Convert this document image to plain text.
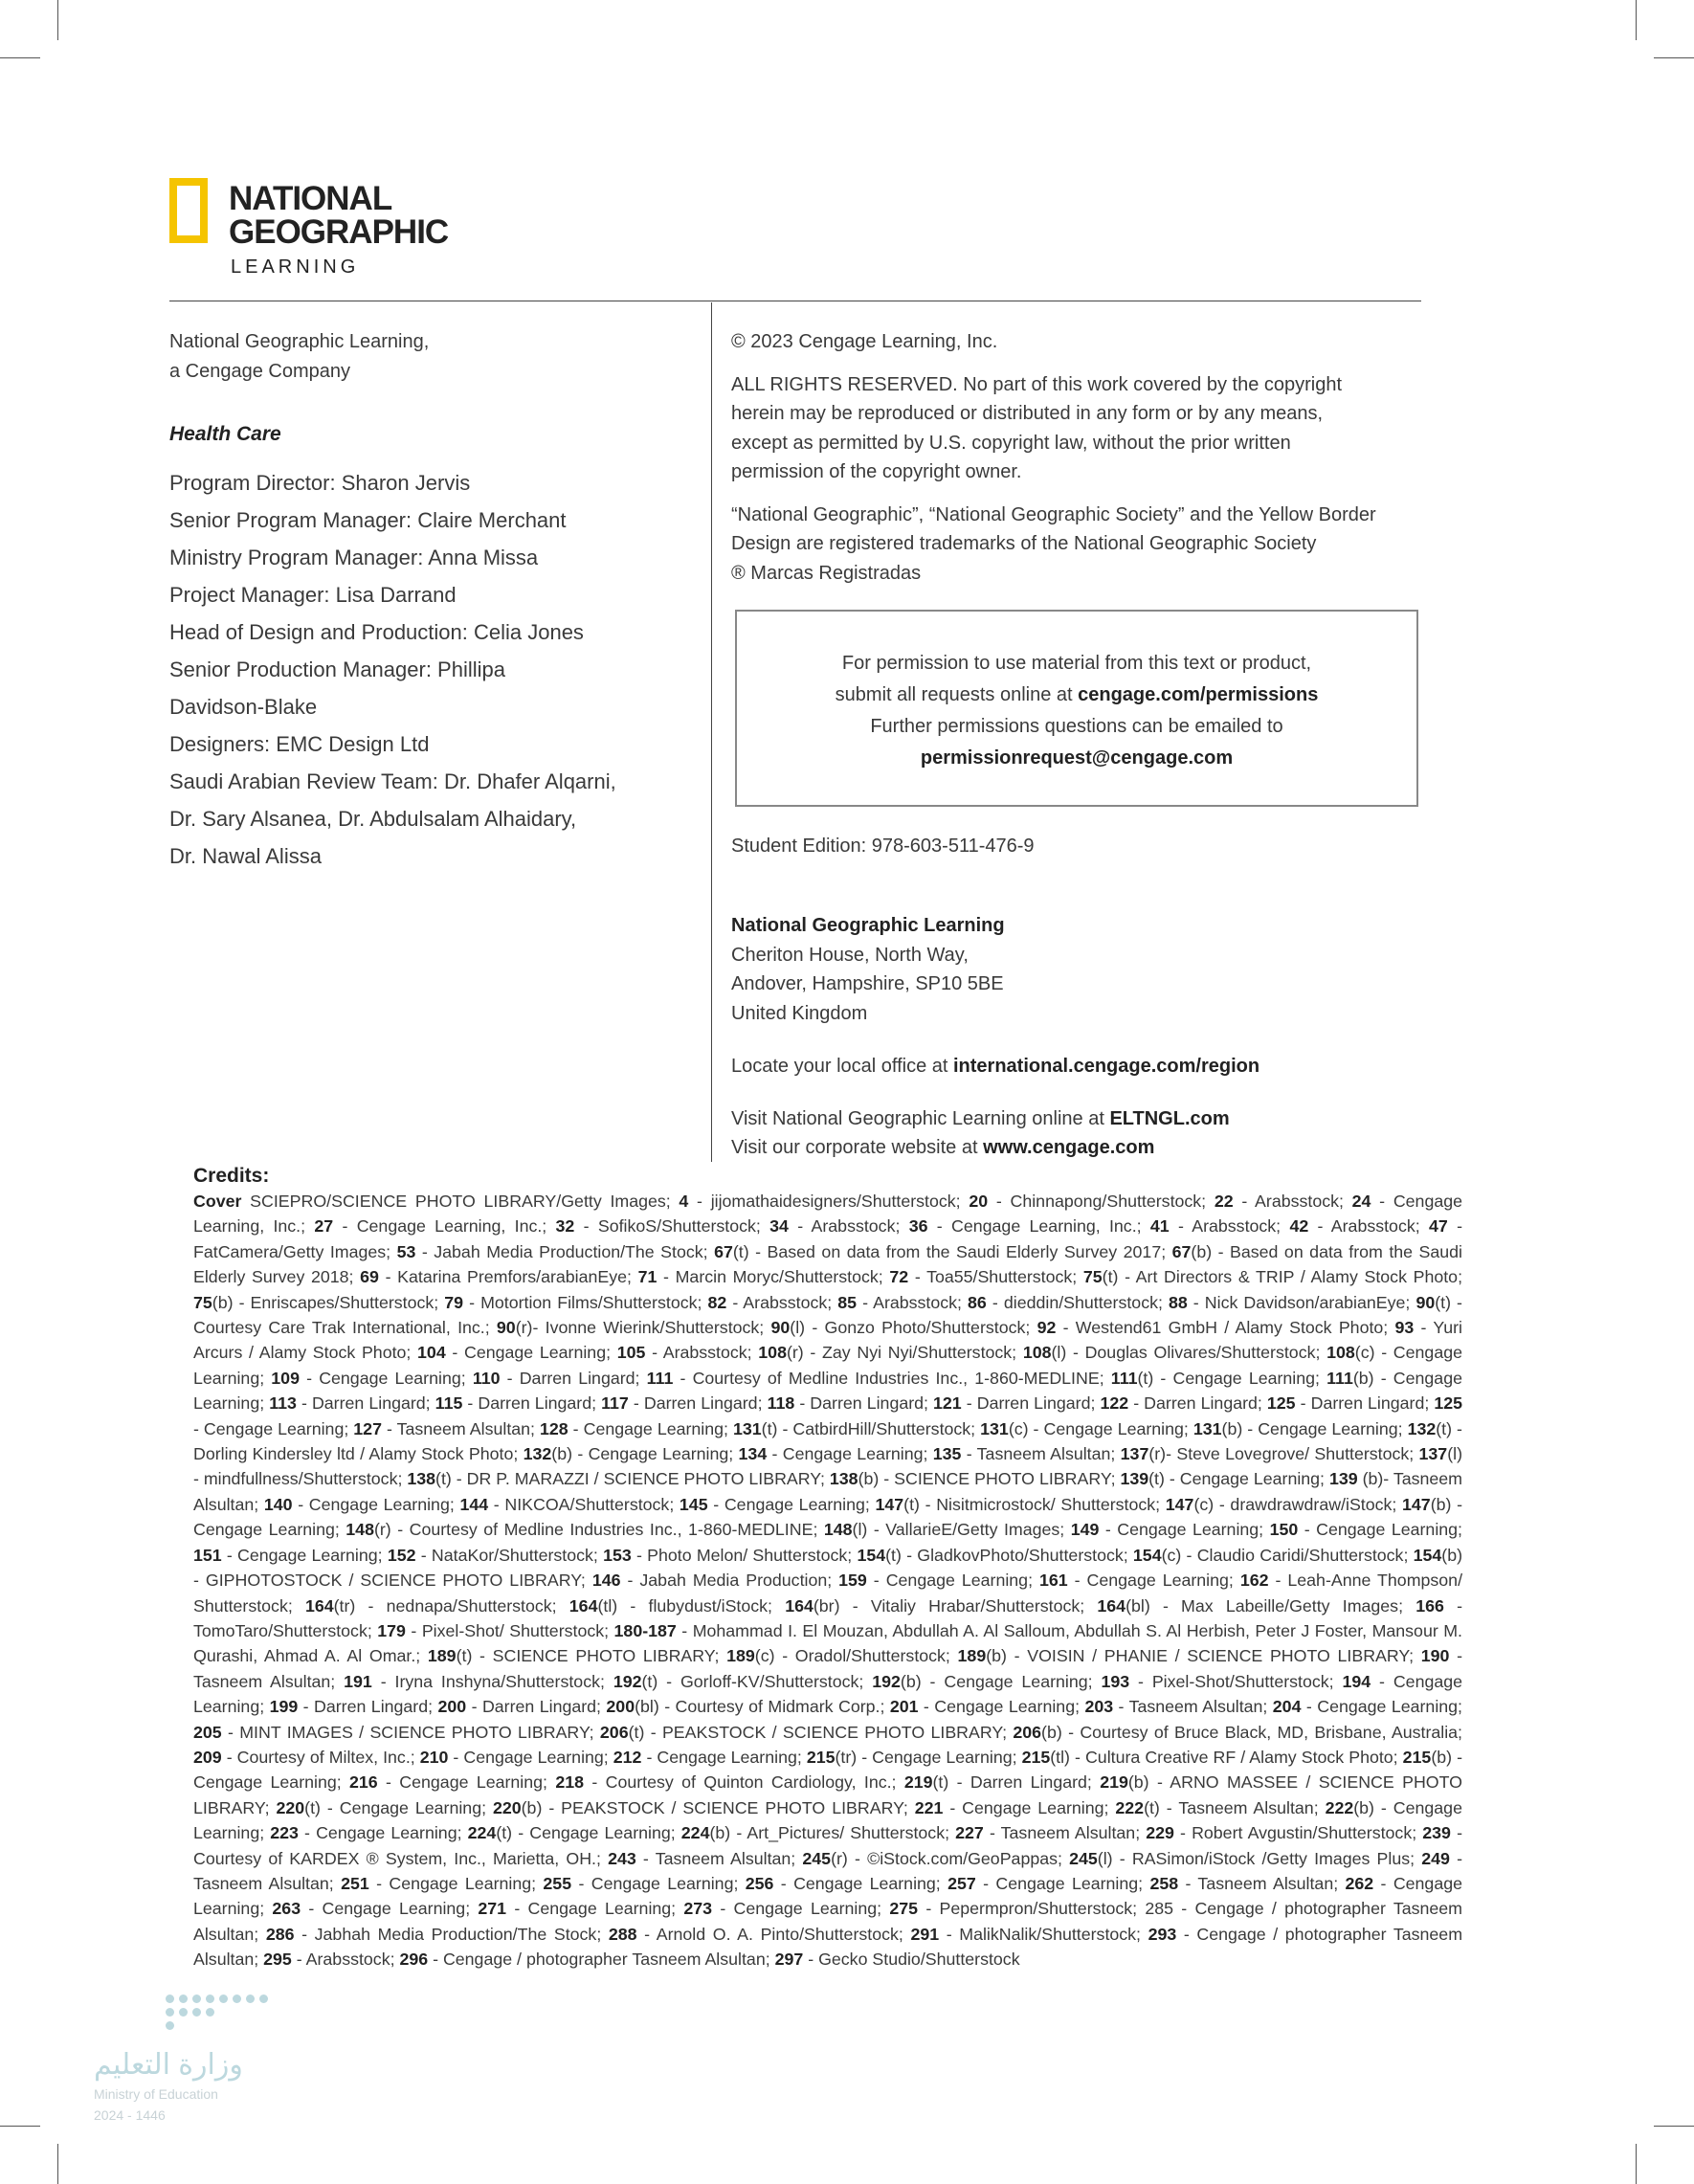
NATIONAL
GEOGRAPHIC
LEARNING

National Geographic Learning,

a Cengage Company

Health Care

Program Director: Sharon Jervis

Senior Program Manager: Claire Merchant

Ministry Program Manager: Anna Missa

Project Manager: Lisa Darrand

Head of Design and Production: Celia Jones

Senior Production Manager: Phillipa

Davidson-Blake

Designers: EMC Design Ltd

Saudi Arabian Review Team: Dr. Dhafer Alqarni,

Dr. Sary Alsanea, Dr. Abdulsalam Alhaidary,

Dr. Nawal Alissa

© 2023 Cengage Learning, Inc.

ALL RIGHTS RESERVED. No part of this work covered by the copyright

herein may be reproduced or distributed in any form or by any means,

except as permitted by U.S. copyright law, without the prior written

permission of the copyright owner.

“National Geographic”, “National Geographic Society” and the Yellow Border

Design are registered trademarks of the National Geographic Society

® Marcas Registradas

For permission to use material from this text or product,

submit all requests online at cengage.com/permissions

Further permissions questions can be emailed to

permissionrequest@cengage.com

Student Edition: 978-603-511-476-9

National Geographic Learning

Cheriton House, North Way,

Andover, Hampshire, SP10 5BE

United Kingdom

Locate your local office at international.cengage.com/region

Visit National Geographic Learning online at ELTNGL.com

Visit our corporate website at www.cengage.com

Credits:
Cover SCIEPRO/SCIENCE PHOTO LIBRARY/Getty Images; 4 - jijomathaidesigners/Shutterstock; 20 - Chinnapong/Shutterstock; 22 - Arabsstock; 24 - Cengage Learning, Inc.; 27 - Cengage Learning, Inc.; 32 - SofikoS/Shutterstock; 34 - Arabsstock; 36 - Cengage Learning, Inc.; 41 - Arabsstock; 42 - Arabsstock; 47 - FatCamera/Getty Images; 53 - Jabah Media Production/The Stock; 67(t) - Based on data from the Saudi Elderly Survey 2017; 67(b) - Based on data from the Saudi Elderly Survey 2018; 69 - Katarina Premfors/arabianEye; 71 - Marcin Moryc/Shutterstock; 72 - Toa55/Shutterstock; 75(t) - Art Directors & TRIP / Alamy Stock Photo; 75(b) - Enriscapes/Shutterstock; 79 - Motortion Films/Shutterstock; 82 - Arabsstock; 85 - Arabsstock; 86 - dieddin/Shutterstock; 88 - Nick Davidson/arabianEye; 90(t) - Courtesy Care Trak International, Inc.; 90(r)- Ivonne Wierink/Shutterstock; 90(l) - Gonzo Photo/Shutterstock; 92 - Westend61 GmbH / Alamy Stock Photo; 93 - Yuri Arcurs / Alamy Stock Photo; 104 - Cengage Learning; 105 - Arabsstock; 108(r) - Zay Nyi Nyi/Shutterstock; 108(l) - Douglas Olivares/Shutterstock; 108(c) - Cengage Learning; 109 - Cengage Learning; 110 - Darren Lingard; 111 - Courtesy of Medline Industries Inc., 1-860-MEDLINE; 111(t) - Cengage Learning; 111(b) - Cengage Learning; 113 - Darren Lingard; 115 - Darren Lingard; 117 - Darren Lingard; 118 - Darren Lingard; 121 - Darren Lingard; 122 - Darren Lingard; 125 - Darren Lingard; 125 - Cengage Learning; 127 - Tasneem Alsultan; 128 - Cengage Learning; 131(t) - CatbirdHill/Shutterstock; 131(c) - Cengage Learning; 131(b) - Cengage Learning; 132(t) - Dorling Kindersley ltd / Alamy Stock Photo; 132(b) - Cengage Learning; 134 - Cengage Learning; 135 - Tasneem Alsultan; 137(r)- Steve Lovegrove/ Shutterstock; 137(l) - mindfullness/Shutterstock; 138(t) - DR P. MARAZZI / SCIENCE PHOTO LIBRARY; 138(b) - SCIENCE PHOTO LIBRARY; 139(t) - Cengage Learning; 139 (b)- Tasneem Alsultan; 140 - Cengage Learning; 144 - NIKCOA/Shutterstock; 145 - Cengage Learning; 147(t) - Nisitmicrostock/ Shutterstock; 147(c) - drawdrawdraw/iStock; 147(b) - Cengage Learning; 148(r) - Courtesy of Medline Industries Inc., 1-860-MEDLINE; 148(l) - VallarieE/Getty Images; 149 - Cengage Learning; 150 - Cengage Learning; 151 - Cengage Learning; 152 - NataKor/Shutterstock; 153 - Photo Melon/ Shutterstock; 154(t) - GladkovPhoto/Shutterstock; 154(c) - Claudio Caridi/Shutterstock; 154(b) - GIPHOTOSTOCK / SCIENCE PHOTO LIBRARY; 146 - Jabah Media Production; 159 - Cengage Learning; 161 - Cengage Learning; 162 - Leah-Anne Thompson/ Shutterstock; 164(tr) - nednapa/Shutterstock; 164(tl) - flubydust/iStock; 164(br) - Vitaliy Hrabar/Shutterstock; 164(bl) - Max Labeille/Getty Images; 166 - TomoTaro/Shutterstock; 179 - Pixel-Shot/ Shutterstock; 180-187 - Mohammad I. El Mouzan, Abdullah A. Al Salloum, Abdullah S. Al Herbish, Peter J Foster, Mansour M. Qurashi, Ahmad A. Al Omar.; 189(t) - SCIENCE PHOTO LIBRARY; 189(c) - Oradol/Shutterstock; 189(b) - VOISIN / PHANIE / SCIENCE PHOTO LIBRARY; 190 - Tasneem Alsultan; 191 - Iryna Inshyna/Shutterstock; 192(t) - Gorloff-KV/Shutterstock; 192(b) - Cengage Learning; 193 - Pixel-Shot/Shutterstock; 194 - Cengage Learning; 199 - Darren Lingard; 200 - Darren Lingard; 200(bl) - Courtesy of Midmark Corp.; 201 - Cengage Learning; 203 - Tasneem Alsultan; 204 - Cengage Learning; 205 - MINT IMAGES / SCIENCE PHOTO LIBRARY; 206(t) - PEAKSTOCK / SCIENCE PHOTO LIBRARY; 206(b) - Courtesy of Bruce Black, MD, Brisbane, Australia; 209 - Courtesy of Miltex, Inc.; 210 - Cengage Learning; 212 - Cengage Learning; 215(tr) - Cengage Learning; 215(tl) - Cultura Creative RF / Alamy Stock Photo; 215(b) - Cengage Learning; 216 - Cengage Learning; 218 - Courtesy of Quinton Cardiology, Inc.; 219(t) - Darren Lingard; 219(b) - ARNO MASSEE / SCIENCE PHOTO LIBRARY; 220(t) - Cengage Learning; 220(b) - PEAKSTOCK / SCIENCE PHOTO LIBRARY; 221 - Cengage Learning; 222(t) - Tasneem Alsultan; 222(b) - Cengage Learning; 223 - Cengage Learning; 224(t) - Cengage Learning; 224(b) - Art_Pictures/ Shutterstock; 227 - Tasneem Alsultan; 229 - Robert Avgustin/Shutterstock; 239 - Courtesy of KARDEX ® System, Inc., Marietta, OH.; 243 - Tasneem Alsultan; 245(r) - ©iStock.com/GeoPappas; 245(l) - RASimon/iStock /Getty Images Plus; 249 - Tasneem Alsultan; 251 - Cengage Learning; 255 - Cengage Learning; 256 - Cengage Learning; 257 - Cengage Learning; 258 - Tasneem Alsultan; 262 - Cengage Learning; 263 - Cengage Learning; 271 - Cengage Learning; 273 - Cengage Learning; 275 - Pepermpron/Shutterstock; 285 - Cengage / photographer Tasneem Alsultan; 286 - Jabhah Media Production/The Stock; 288 - Arnold O. A. Pinto/Shutterstock; 291 - MalikNalik/Shutterstock; 293 - Cengage / photographer Tasneem Alsultan; 295 - Arabsstock; 296 - Cengage / photographer Tasneem Alsultan; 297 - Gecko Studio/Shutterstock
وزارة التعليم
Ministry of Education
2024 - 1446
